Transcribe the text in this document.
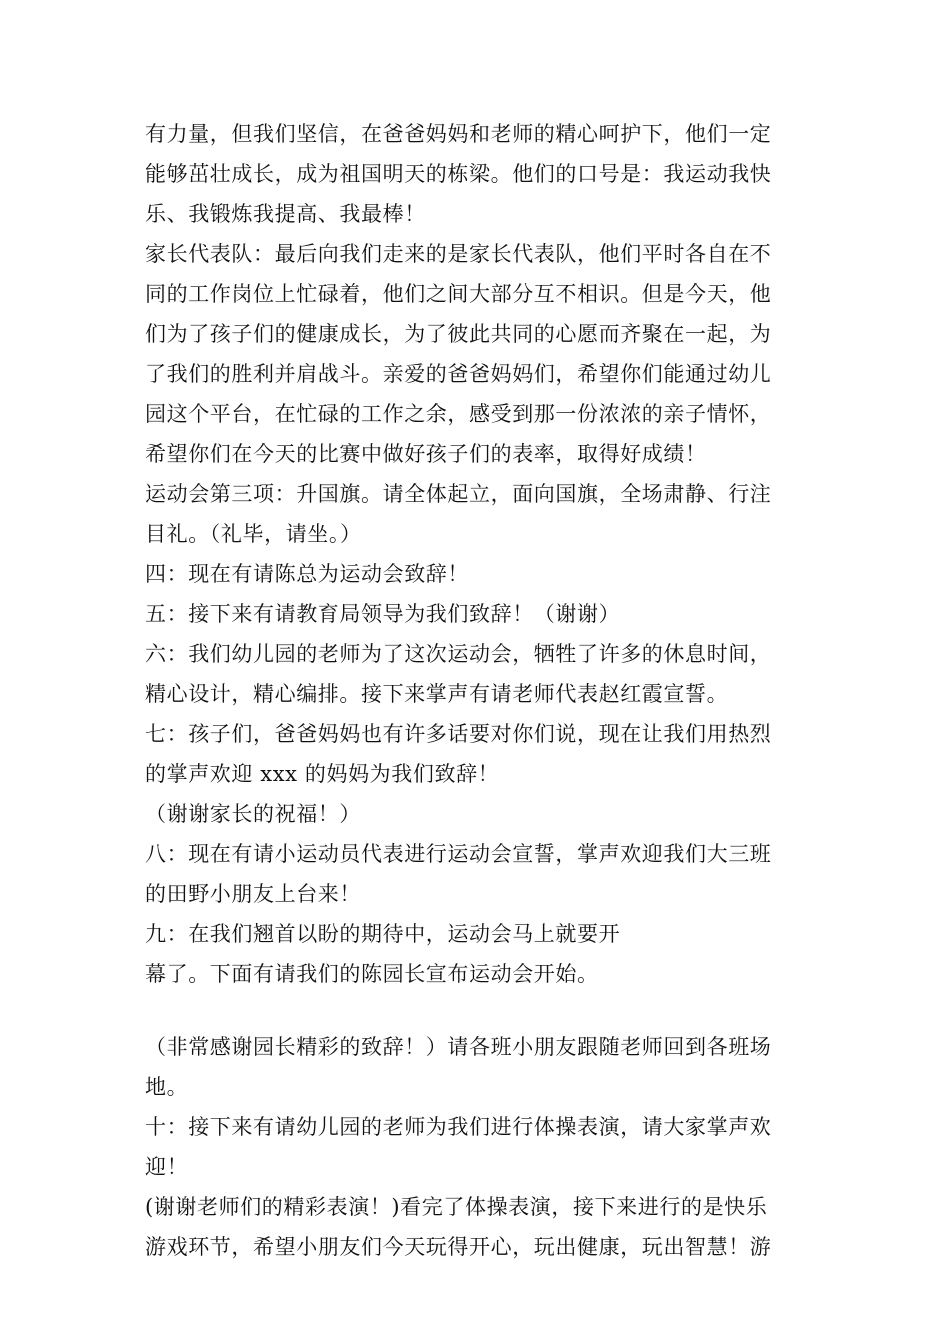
有力量，但我们坚信，在爸爸妈妈和老师的精心呵护下，他们一定
能够茁壮成长，成为祖国明天的栋梁。他们的口号是：我运动我快
乐、我锻炼我提高、我最棒！
家长代表队：最后向我们走来的是家长代表队，他们平时各自在不
同的工作岗位上忙碌着，他们之间大部分互不相识。但是今天，他
们为了孩子们的健康成长，为了彼此共同的心愿而齐聚在一起，为
了我们的胜利并肩战斗。亲爱的爸爸妈妈们，希望你们能通过幼儿
园这个平台，在忙碌的工作之余，感受到那一份浓浓的亲子情怀，
希望你们在今天的比赛中做好孩子们的表率，取得好成绩！
运动会第三项：升国旗。请全体起立，面向国旗，全场肃静、行注
目礼。（礼毕，请坐。）
四：现在有请陈总为运动会致辞！
五：接下来有请教育局领导为我们致辞！（谢谢）
六：我们幼儿园的老师为了这次运动会，牺牲了许多的休息时间，
精心设计，精心编排。接下来掌声有请老师代表赵红霞宣誓。
七：孩子们，爸爸妈妈也有许多话要对你们说，现在让我们用热烈
的掌声欢迎 xxx 的妈妈为我们致辞！
（谢谢家长的祝福！）
八：现在有请小运动员代表进行运动会宣誓，掌声欢迎我们大三班
的田野小朋友上台来！
九：在我们翘首以盼的期待中，运动会马上就要开
幕了。下面有请我们的陈园长宣布运动会开始。
（非常感谢园长精彩的致辞！）请各班小朋友跟随老师回到各班场
地。
十：接下来有请幼儿园的老师为我们进行体操表演，请大家掌声欢
迎！
(谢谢老师们的精彩表演！)看完了体操表演，接下来进行的是快乐
游戏环节，希望小朋友们今天玩得开心，玩出健康，玩出智慧！游
